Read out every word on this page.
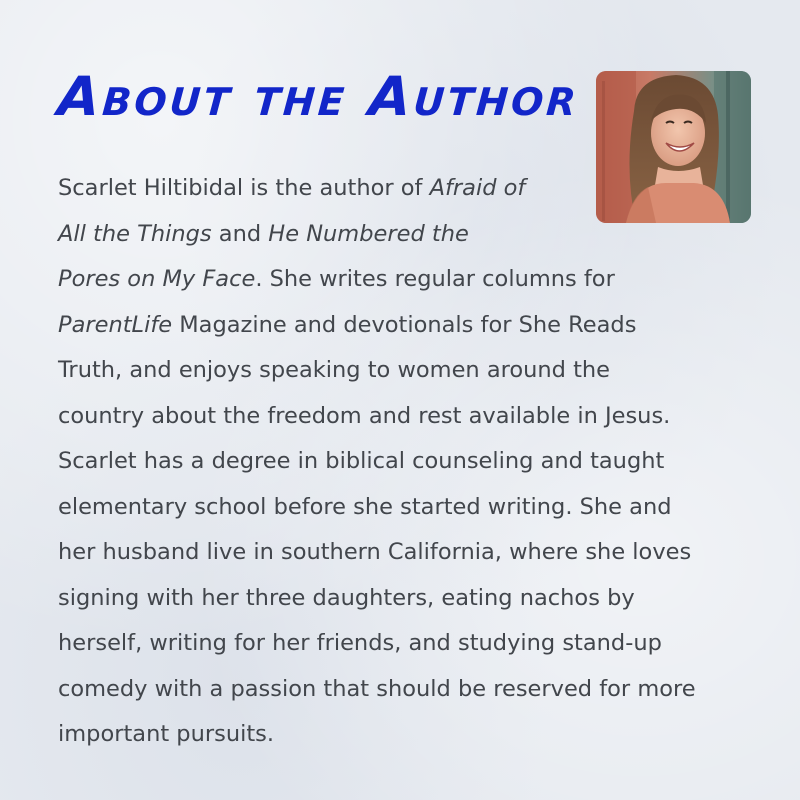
About the Author
Scarlet Hiltibidal is the author of Afraid of
All the Things and He Numbered the
Pores on My Face. She writes regular columns for
ParentLife Magazine and devotionals for She Reads
Truth, and enjoys speaking to women around the
country about the freedom and rest available in Jesus.
Scarlet has a degree in biblical counseling and taught
elementary school before she started writing. She and
her husband live in southern California, where she loves
signing with her three daughters, eating nachos by
herself, writing for her friends, and studying stand-up
comedy with a passion that should be reserved for more
important pursuits.
